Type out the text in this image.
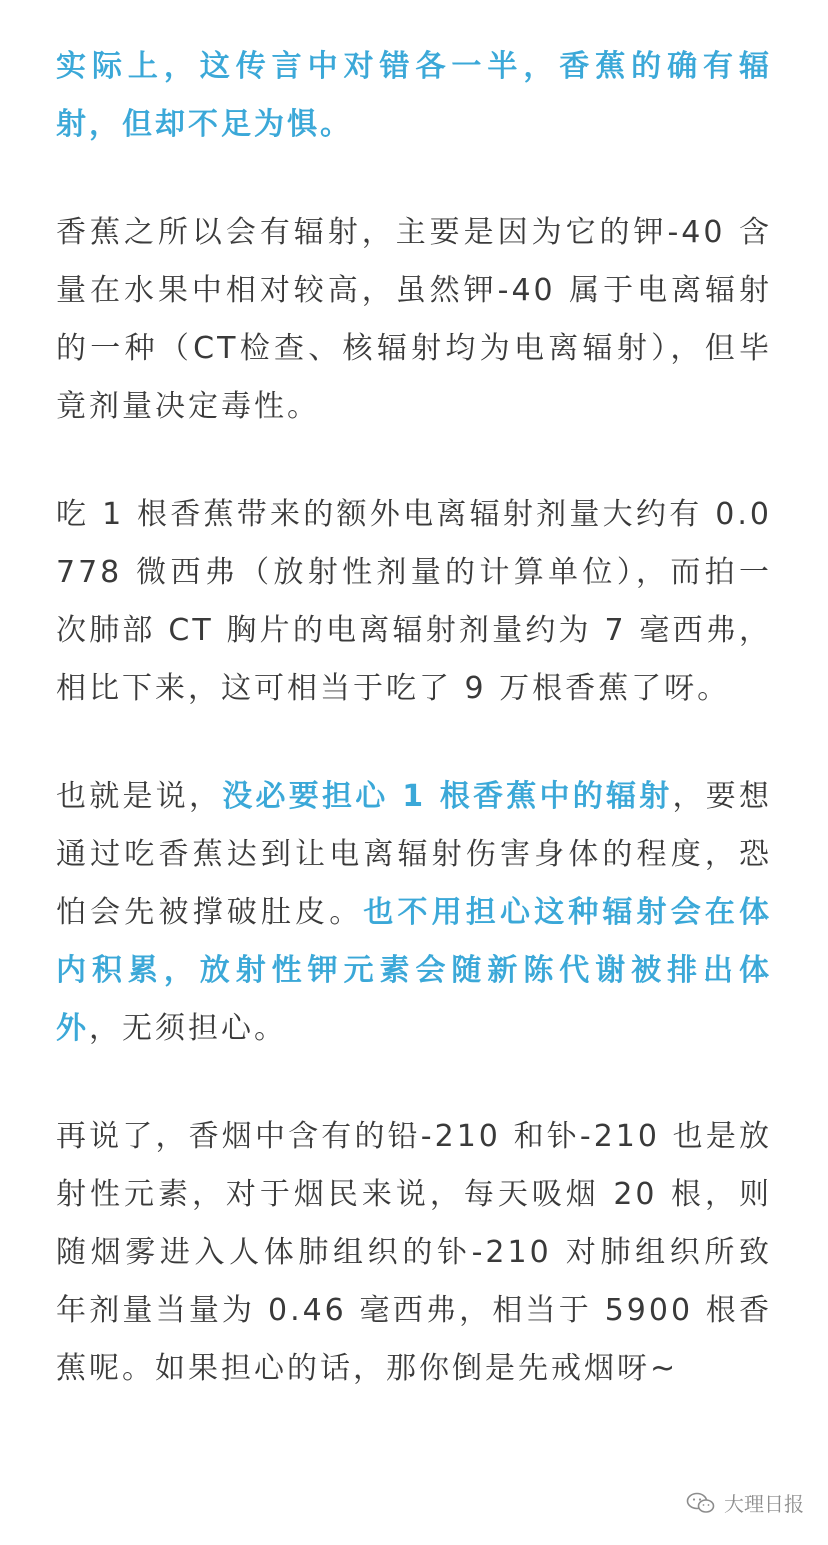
实际上，这传言中对错各一半，香蕉的确有辐射，但却不足为惧。

香蕉之所以会有辐射，主要是因为它的钾-40 含量在水果中相对较高，虽然钾-40 属于电离辐射的一种（CT检查、核辐射均为电离辐射），但毕竟剂量决定毒性。

吃 1 根香蕉带来的额外电离辐射剂量大约有 0.0778 微西弗（放射性剂量的计算单位），而拍一次肺部 CT 胸片的电离辐射剂量约为 7 毫西弗，相比下来，这可相当于吃了 9 万根香蕉了呀。

也就是说，没必要担心 1 根香蕉中的辐射，要想通过吃香蕉达到让电离辐射伤害身体的程度，恐怕会先被撑破肚皮。也不用担心这种辐射会在体内积累，放射性钾元素会随新陈代谢被排出体外，无须担心。

再说了，香烟中含有的铅-210 和钋-210 也是放射性元素，对于烟民来说，每天吸烟 20 根，则随烟雾进入人体肺组织的钋-210 对肺组织所致年剂量当量为 0.46 毫西弗，相当于 5900 根香蕉呢。如果担心的话，那你倒是先戒烟呀~

大理日报
